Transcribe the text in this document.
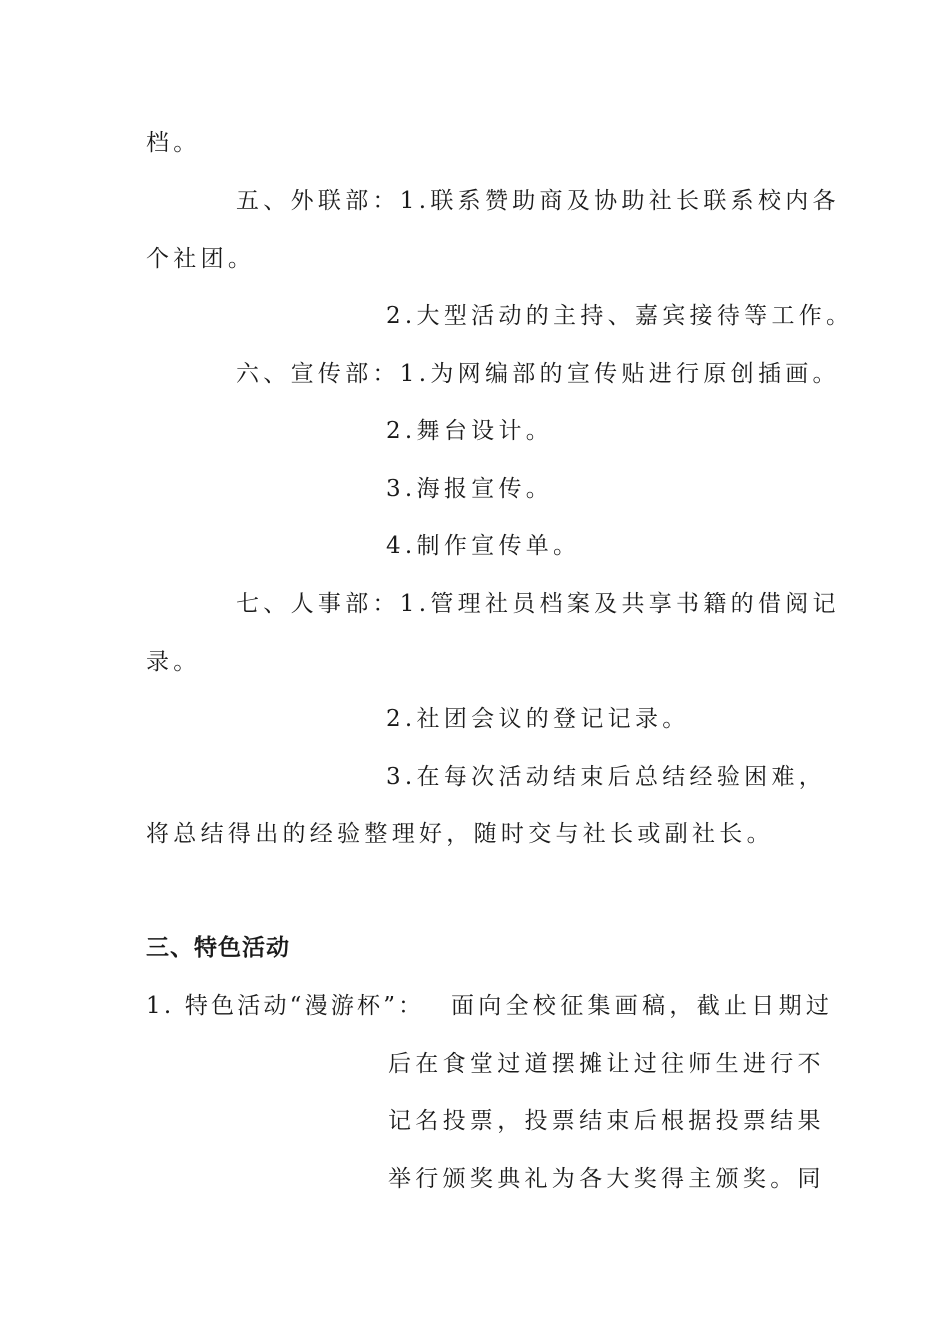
档。
五、外联部：1.联系赞助商及协助社长联系校内各
个社团。
2.大型活动的主持、嘉宾接待等工作。
六、宣传部：1.为网编部的宣传贴进行原创插画。
2.舞台设计。
3.海报宣传。
4.制作宣传单。
七、人事部：1.管理社员档案及共享书籍的借阅记
录。
2.社团会议的登记记录。
3.在每次活动结束后总结经验困难，
将总结得出的经验整理好，随时交与社长或副社长。
三、特色活动
1. 特色活动“漫游杯”： 面向全校征集画稿，截止日期过
后在食堂过道摆摊让过往师生进行不
记名投票，投票结束后根据投票结果
举行颁奖典礼为各大奖得主颁奖。同
